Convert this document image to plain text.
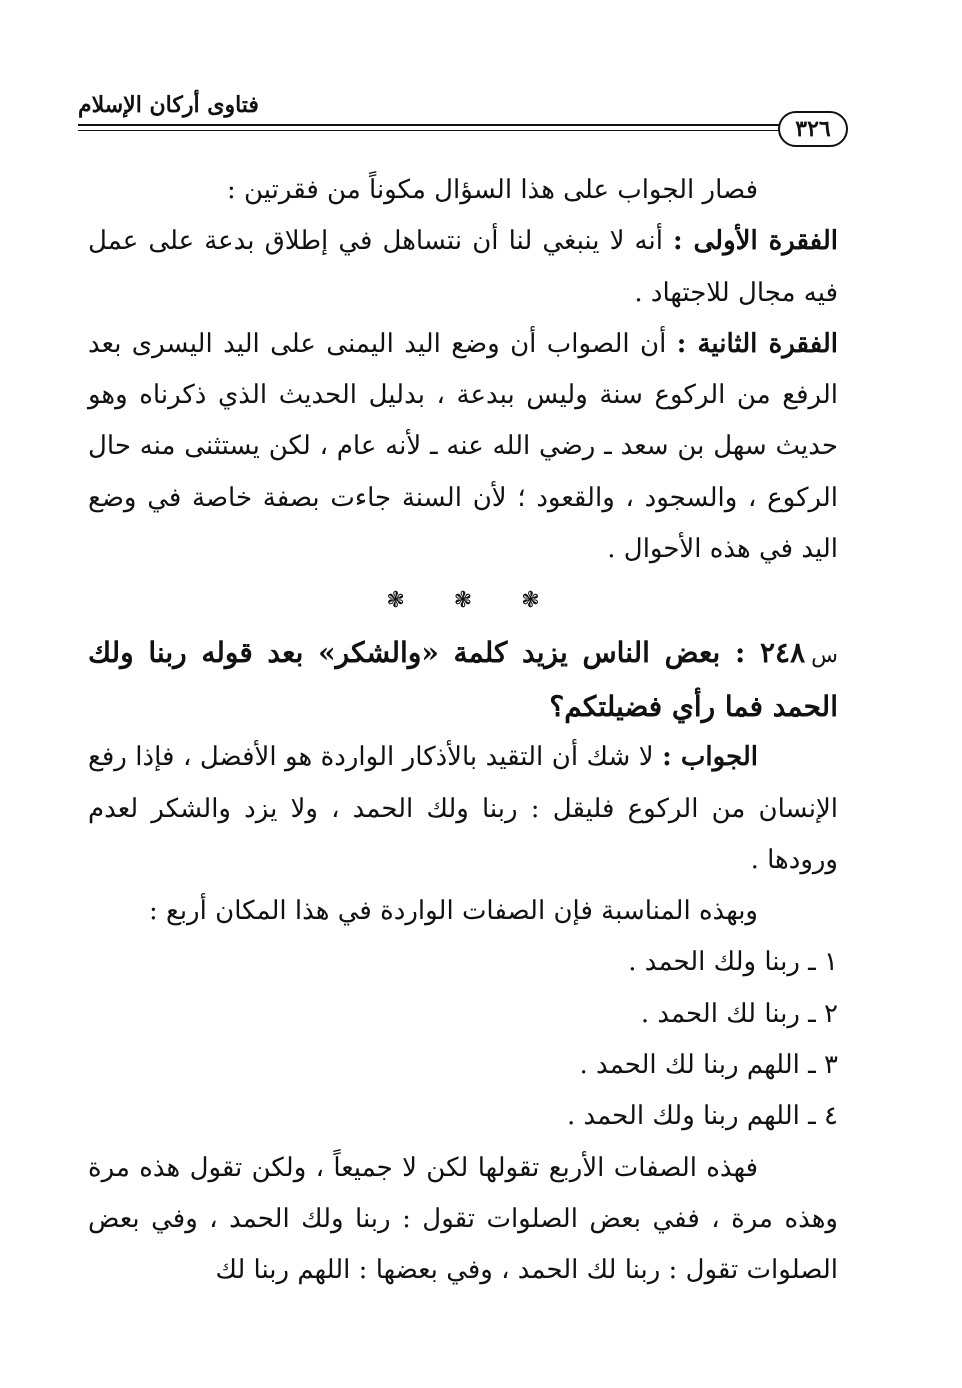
فتاوى أركان الإسلام
٣٢٦

فصار الجواب على هذا السؤال مكوناً من فقرتين :

الفقرة الأولى : أنه لا ينبغي لنا أن نتساهل في إطلاق بدعة على عمل فيه مجال للاجتهاد .

الفقرة الثانية : أن الصواب أن وضع اليد اليمنى على اليد اليسرى بعد الرفع من الركوع سنة وليس ببدعة ، بدليل الحديث الذي ذكرناه وهو حديث سهل بن سعد ـ رضي الله عنه ـ لأنه عام ، لكن يستثنى منه حال الركوع ، والسجود ، والقعود ؛ لأن السنة جاءت بصفة خاصة في وضع اليد في هذه الأحوال .

❃ ❃ ❃

س٢٤٨ : بعض الناس يزيد كلمة «والشكر» بعد قوله ربنا ولك الحمد فما رأي فضيلتكم؟

الجواب : لا شك أن التقيد بالأذكار الواردة هو الأفضل ، فإذا رفع الإنسان من الركوع فليقل : ربنا ولك الحمد ، ولا يزد والشكر لعدم ورودها .

وبهذه المناسبة فإن الصفات الواردة في هذا المكان أربع :

١ ـ ربنا ولك الحمد .

٢ ـ ربنا لك الحمد .

٣ ـ اللهم ربنا لك الحمد .

٤ ـ اللهم ربنا ولك الحمد .

فهذه الصفات الأربع تقولها لكن لا جميعاً ، ولكن تقول هذه مرة وهذه مرة ، ففي بعض الصلوات تقول : ربنا ولك الحمد ، وفي بعض الصلوات تقول : ربنا لك الحمد ، وفي بعضها : اللهم ربنا لك
